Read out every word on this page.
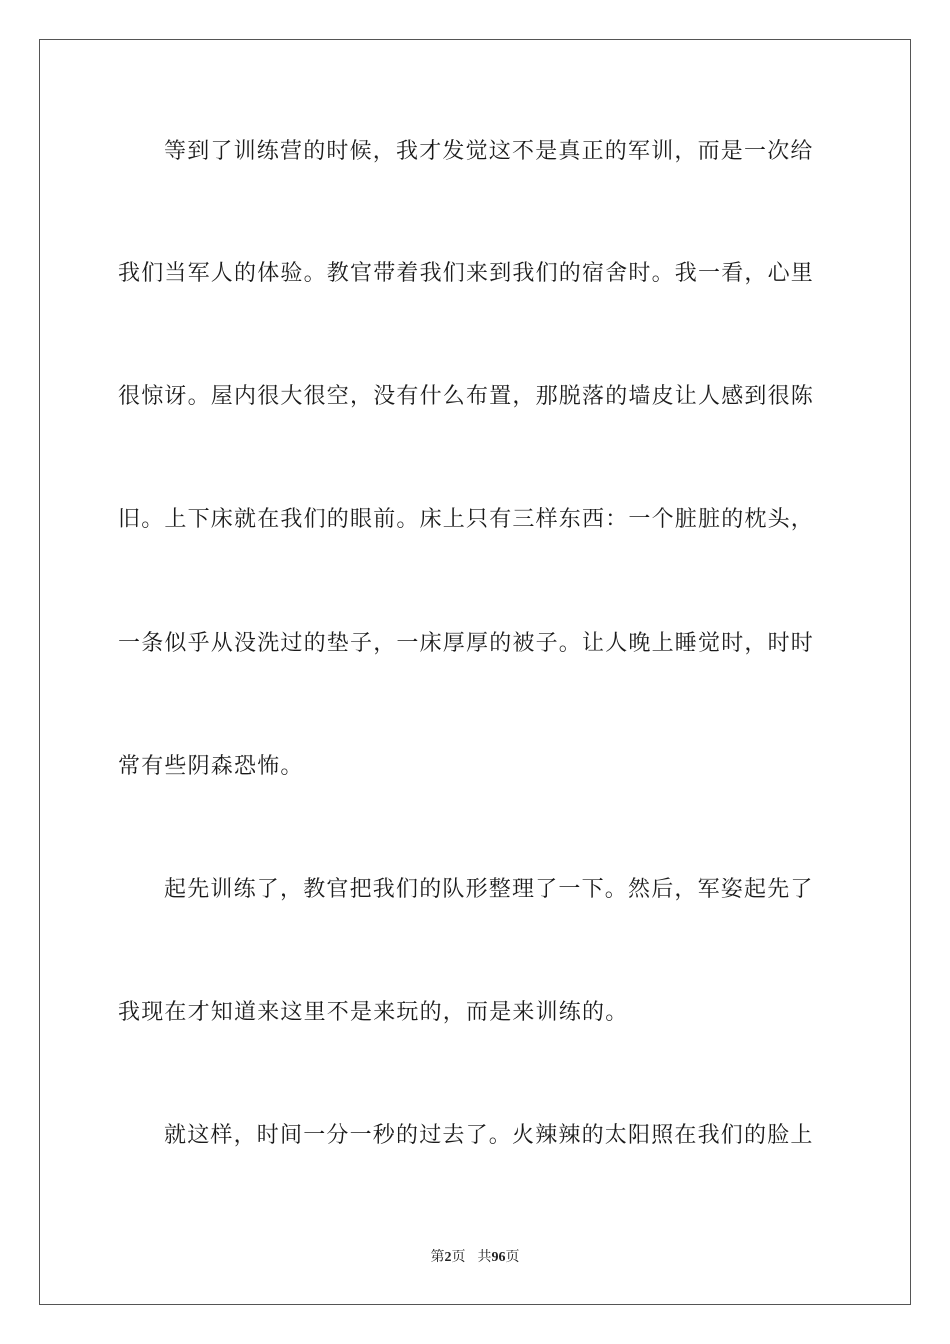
等到了训练营的时候，我才发觉这不是真正的军训，而是一次给
我们当军人的体验。教官带着我们来到我们的宿舍时。我一看，心里
很惊讶。屋内很大很空，没有什么布置，那脱落的墙皮让人感到很陈
旧。上下床就在我们的眼前。床上只有三样东西：一个脏脏的枕头，
一条似乎从没洗过的垫子，一床厚厚的被子。让人晚上睡觉时，时时
常有些阴森恐怖。
起先训练了，教官把我们的队形整理了一下。然后，军姿起先了
我现在才知道来这里不是来玩的，而是来训练的。
就这样，时间一分一秒的过去了。火辣辣的太阳照在我们的脸上
第2页 共96页
